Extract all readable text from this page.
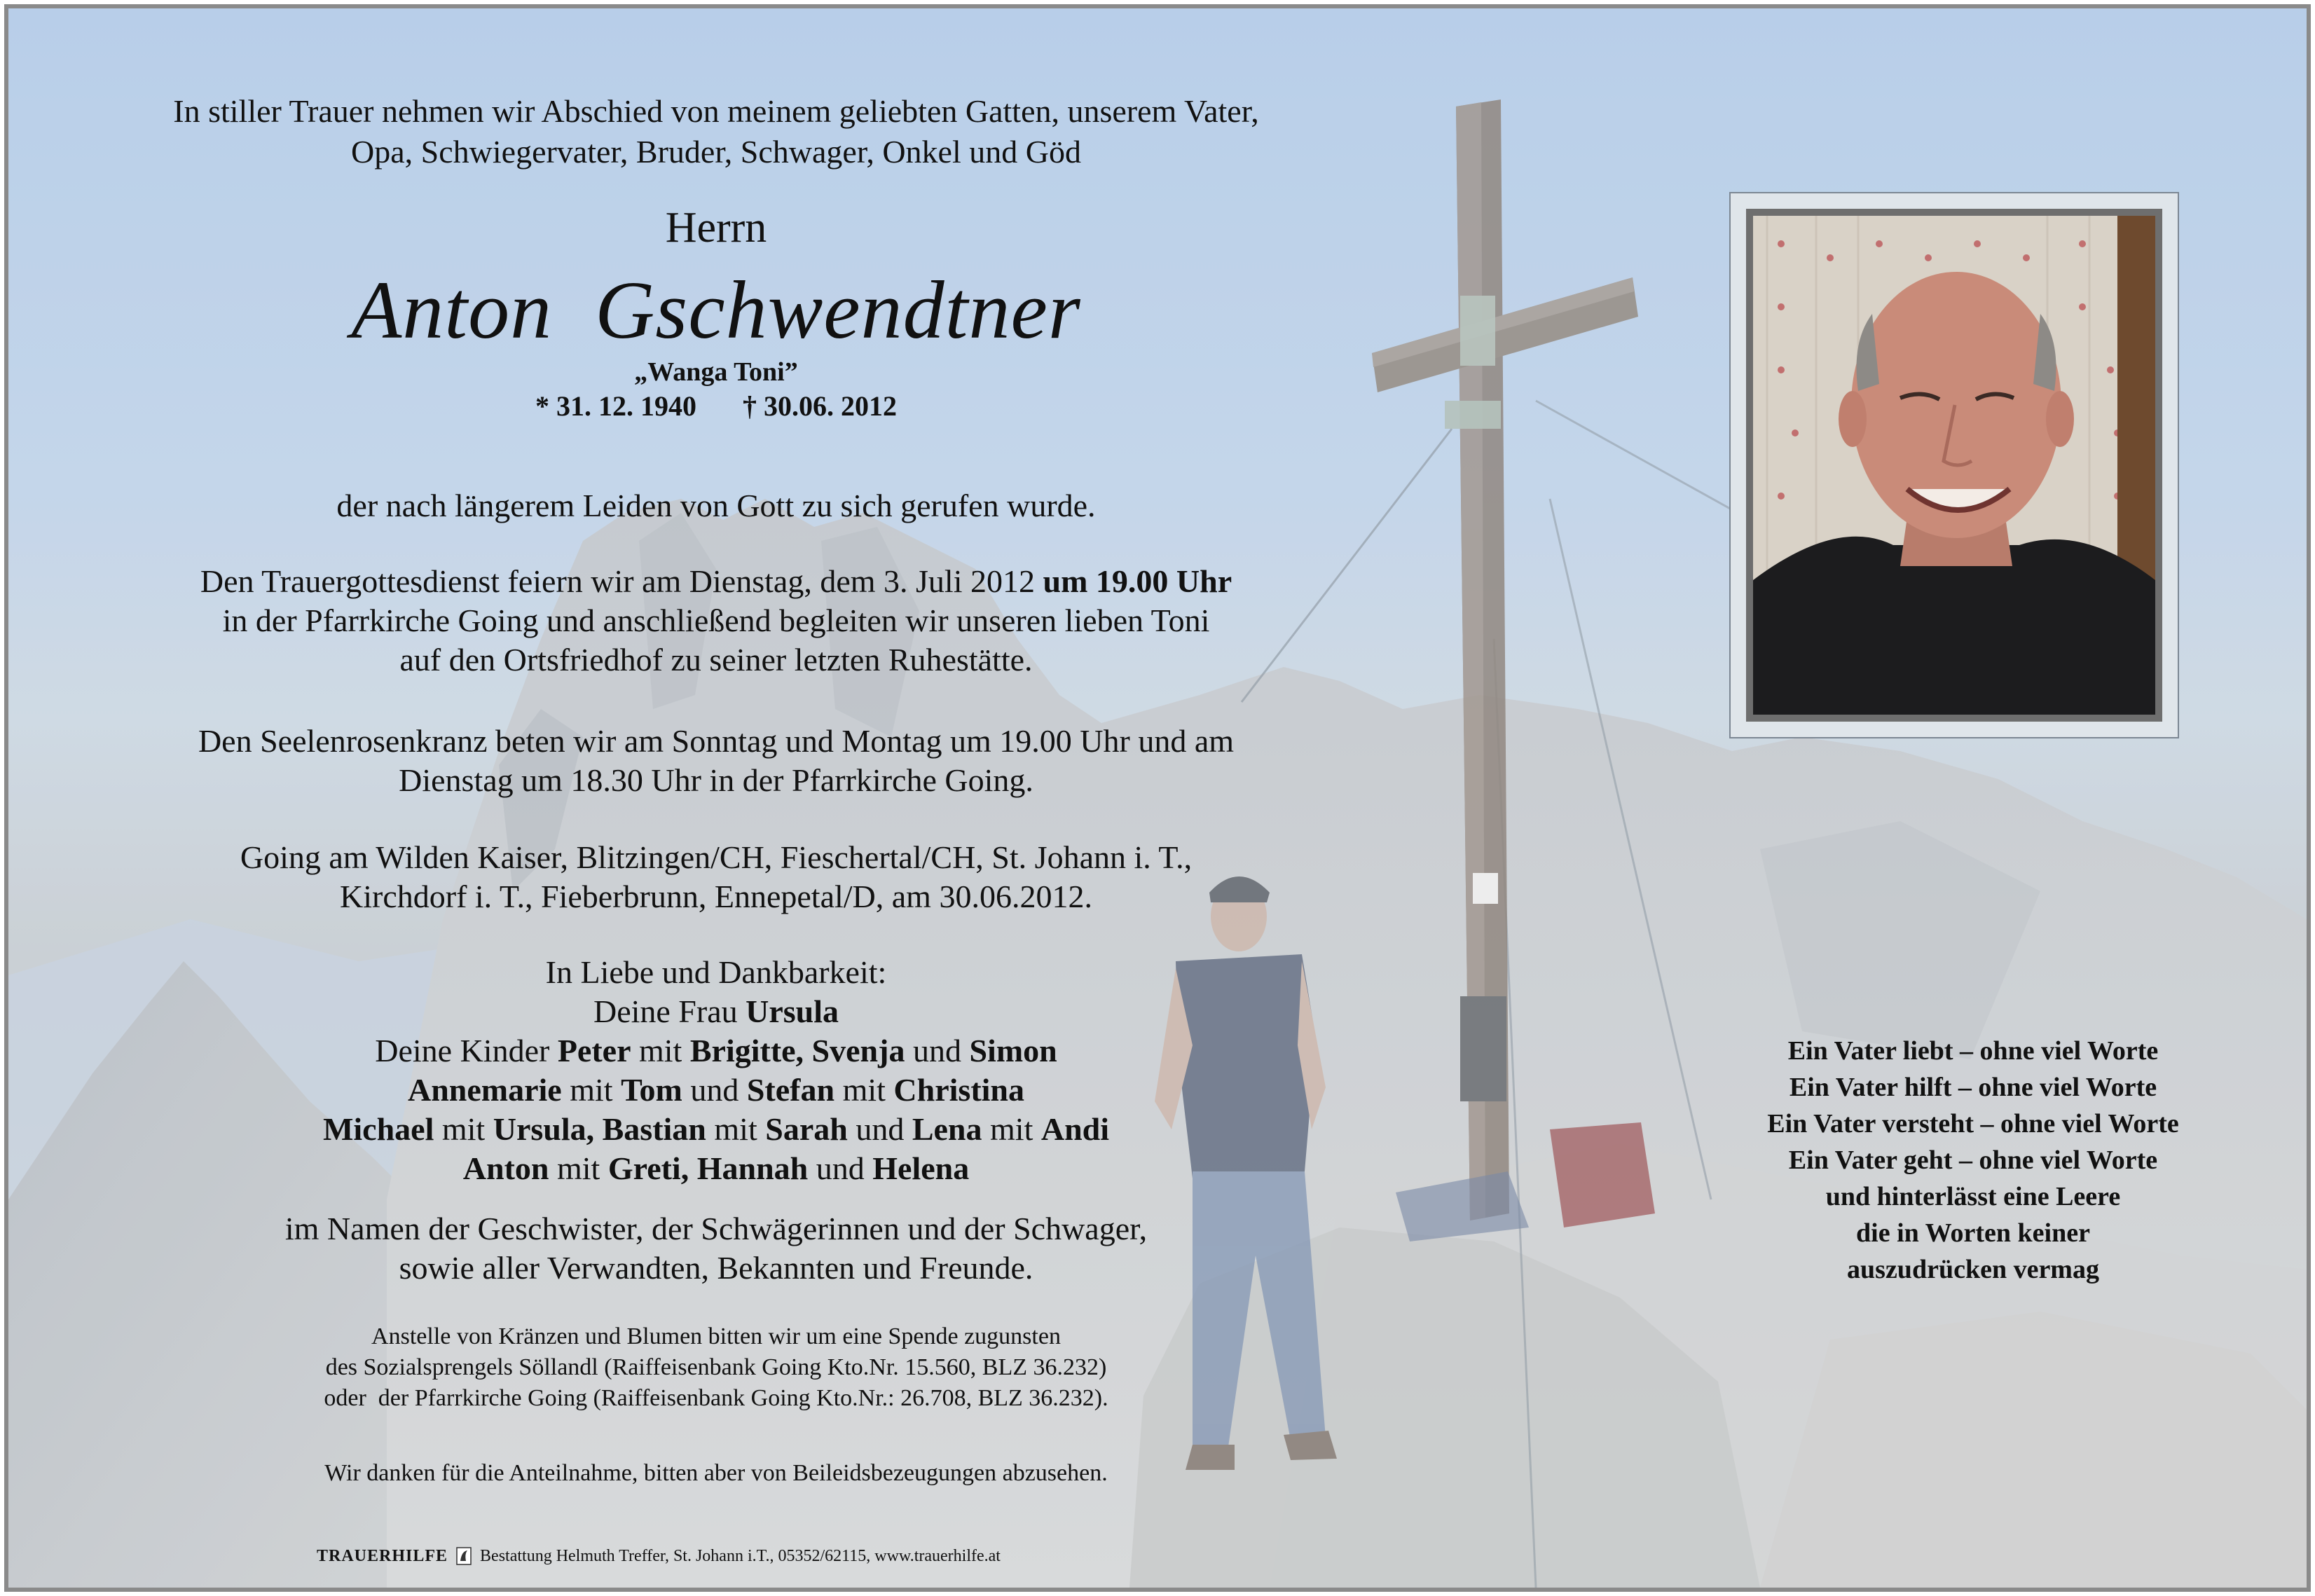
In stiller Trauer nehmen wir Abschied von meinem geliebten Gatten, unserem Vater,
Opa, Schwiegervater, Bruder, Schwager, Onkel und Göd
Herrn
Anton  Gschwendtner
„Wanga Toni”
* 31. 12. 1940 † 30.06. 2012
der nach längerem Leiden von Gott zu sich gerufen wurde.
Den Trauergottesdienst feiern wir am Dienstag, dem 3. Juli 2012 um 19.00 Uhr
in der Pfarrkirche Going und anschließend begleiten wir unseren lieben Toni
auf den Ortsfriedhof zu seiner letzten Ruhestätte.
Den Seelenrosenkranz beten wir am Sonntag und Montag um 19.00 Uhr und am
Dienstag um 18.30 Uhr in der Pfarrkirche Going.
Going am Wilden Kaiser, Blitzingen/CH, Fieschertal/CH, St. Johann i. T.,
Kirchdorf i. T., Fieberbrunn, Ennepetal/D, am 30.06.2012.
In Liebe und Dankbarkeit:
Deine Frau Ursula
Deine Kinder Peter mit Brigitte, Svenja und Simon
Annemarie mit Tom und Stefan mit Christina
Michael mit Ursula, Bastian mit Sarah und Lena mit Andi
Anton mit Greti, Hannah und Helena
im Namen der Geschwister, der Schwägerinnen und der Schwager,
sowie aller Verwandten, Bekannten und Freunde.
Anstelle von Kränzen und Blumen bitten wir um eine Spende zugunsten
des Sozialsprengels Söllandl (Raiffeisenbank Going Kto.Nr. 15.560, BLZ 36.232)
oder  der Pfarrkirche Going (Raiffeisenbank Going Kto.Nr.: 26.708, BLZ 36.232).
Wir danken für die Anteilnahme, bitten aber von Beileidsbezeugungen abzusehen.
TRAUERHILFE Bestattung Helmuth Treffer, St. Johann i.T., 05352/62115, www.trauerhilfe.at
Ein Vater liebt – ohne viel Worte
Ein Vater hilft – ohne viel Worte
Ein Vater versteht – ohne viel Worte
Ein Vater geht – ohne viel Worte
und hinterlässt eine Leere
die in Worten keiner
auszudrücken vermag
